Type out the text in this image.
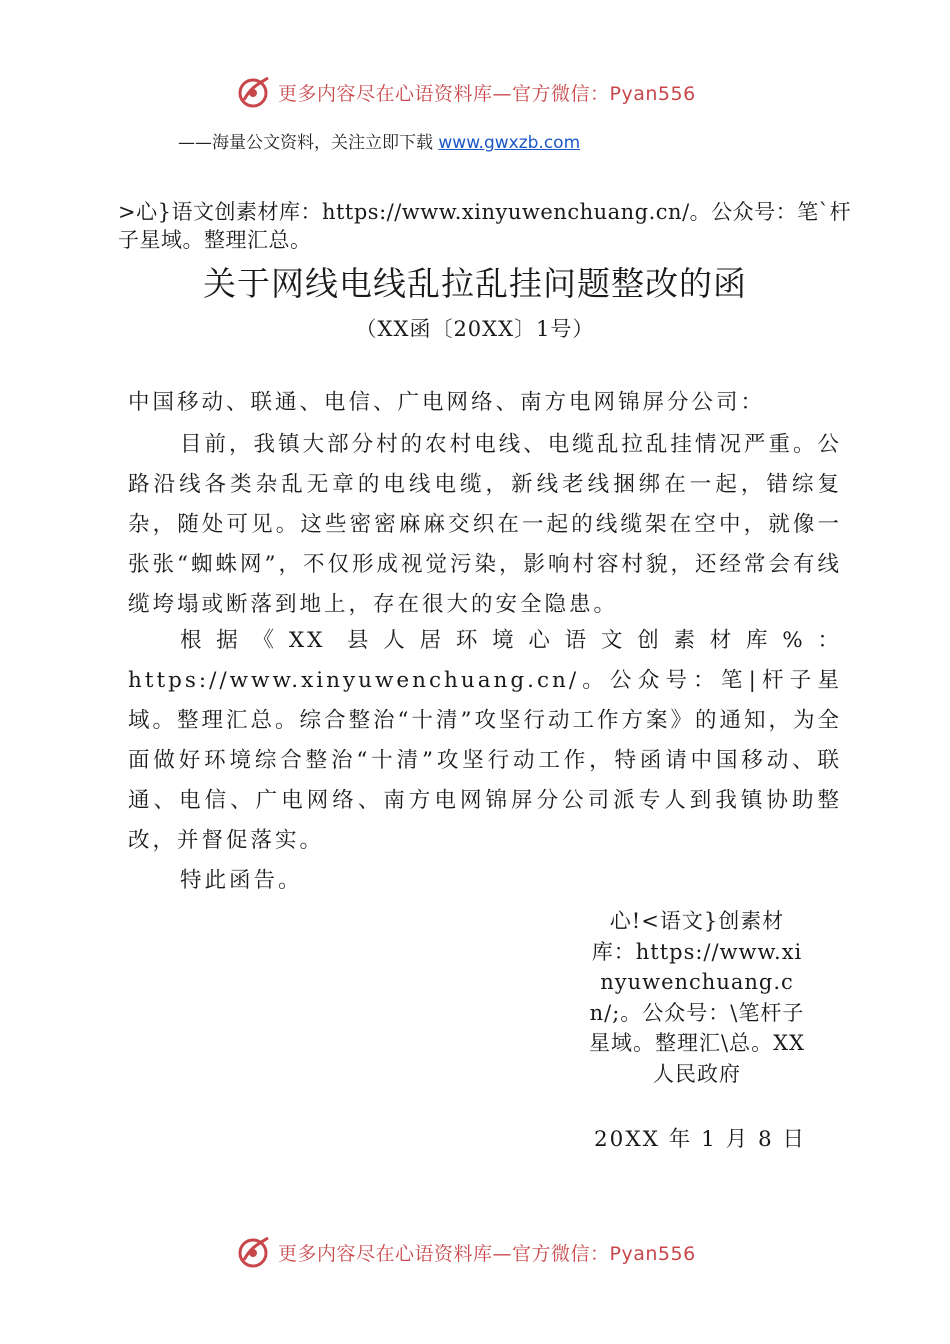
更多内容尽在心语资料库—官方微信：Pyan556
——海量公文资料，关注立即下载 www.gwxzb.com
>心}语文创素材库：https://www.xinyuwenchuang.cn/。公众号：笔`杆子星域。整理汇总。
关于网线电线乱拉乱挂问题整改的函
（XX函〔20XX〕1号）
中国移动、联通、电信、广电网络、南方电网锦屏分公司：
目前，我镇大部分村的农村电线、电缆乱拉乱挂情况严重。公路沿线各类杂乱无章的电线电缆，新线老线捆绑在一起，错综复杂，随处可见。这些密密麻麻交织在一起的线缆架在空中，就像一张张“蜘蛛网”，不仅形成视觉污染，影响村容村貌，还经常会有线缆垮塌或断落到地上，存在很大的安全隐患。
根据《XX 县人居环境心语文创素材库%：https://www.xinyuwenchuang.cn/。公众号：笔|杆子星域。整理汇总。综合整治“十清”攻坚行动工作方案》的通知，为全面做好环境综合整治“十清”攻坚行动工作，特函请中国移动、联通、电信、广电网络、南方电网锦屏分公司派专人到我镇协助整改，并督促落实。
特此函告。
心!<语文}创素材库：https://www.xinyuwenchuang.cn/;。公众号：\笔杆子星域。整理汇\总。XX 人民政府
20XX 年 1 月 8 日
更多内容尽在心语资料库—官方微信：Pyan556
